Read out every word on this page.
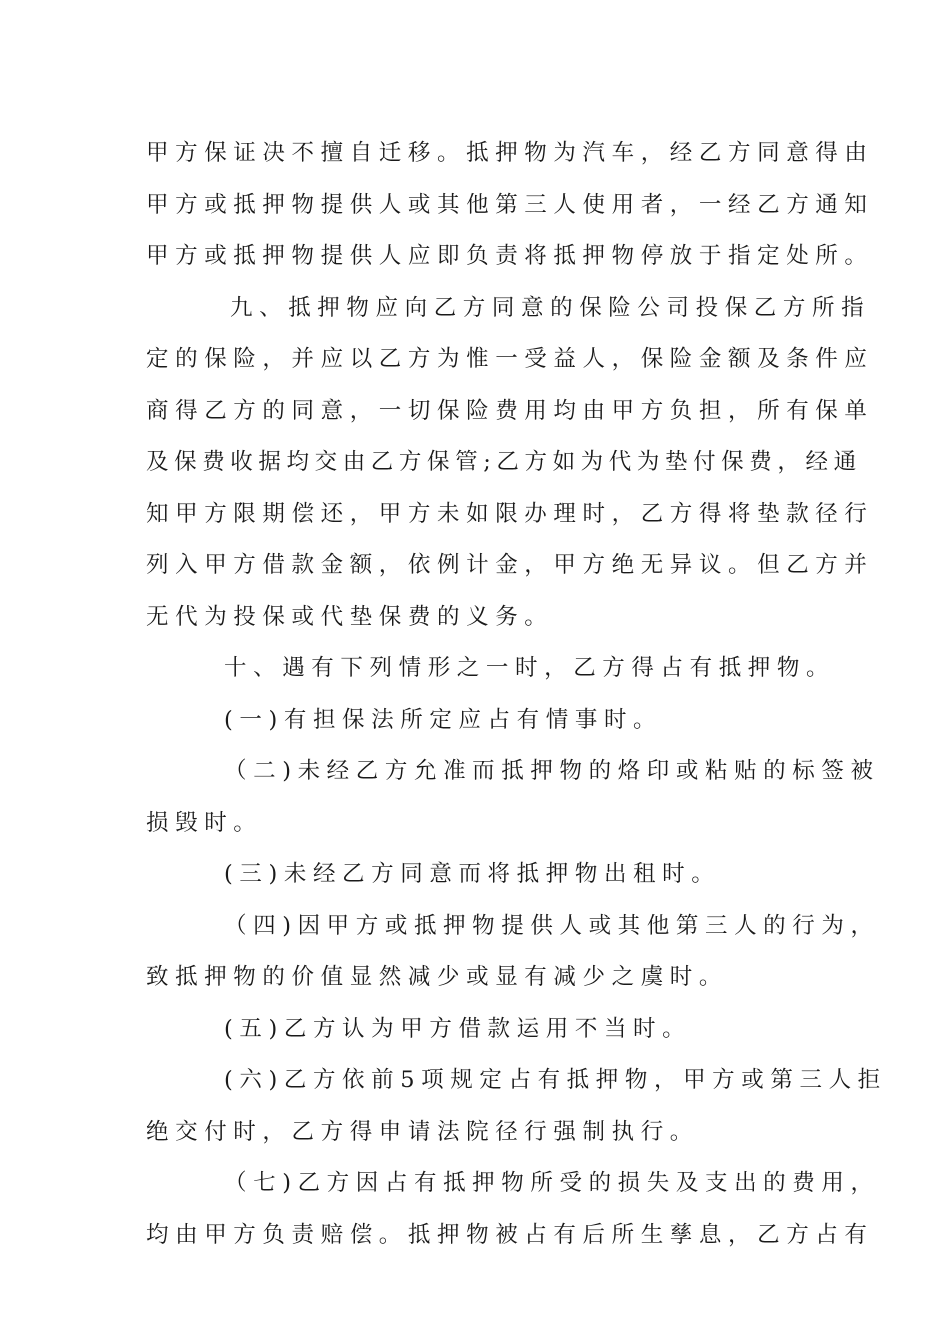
甲方保证决不擅自迁移。抵押物为汽车，经乙方同意得由
甲方或抵押物提供人或其他第三人使用者，一经乙方通知
甲方或抵押物提供人应即负责将抵押物停放于指定处所。
九、抵押物应向乙方同意的保险公司投保乙方所指
定的保险，并应以乙方为惟一受益人，保险金额及条件应
商得乙方的同意，一切保险费用均由甲方负担，所有保单
及保费收据均交由乙方保管;乙方如为代为垫付保费，经通
知甲方限期偿还，甲方未如限办理时，乙方得将垫款径行
列入甲方借款金额，依例计金，甲方绝无异议。但乙方并
无代为投保或代垫保费的义务。
十、遇有下列情形之一时，乙方得占有抵押物。
(一)有担保法所定应占有情事时。
（二)未经乙方允准而抵押物的烙印或粘贴的标签被
损毁时。
(三)未经乙方同意而将抵押物出租时。
（四)因甲方或抵押物提供人或其他第三人的行为，
致抵押物的价值显然减少或显有减少之虞时。
(五)乙方认为甲方借款运用不当时。
(六)乙方依前5项规定占有抵押物，甲方或第三人拒
绝交付时，乙方得申请法院径行强制执行。
（七)乙方因占有抵押物所受的损失及支出的费用，
均由甲方负责赔偿。抵押物被占有后所生孳息，乙方占有
